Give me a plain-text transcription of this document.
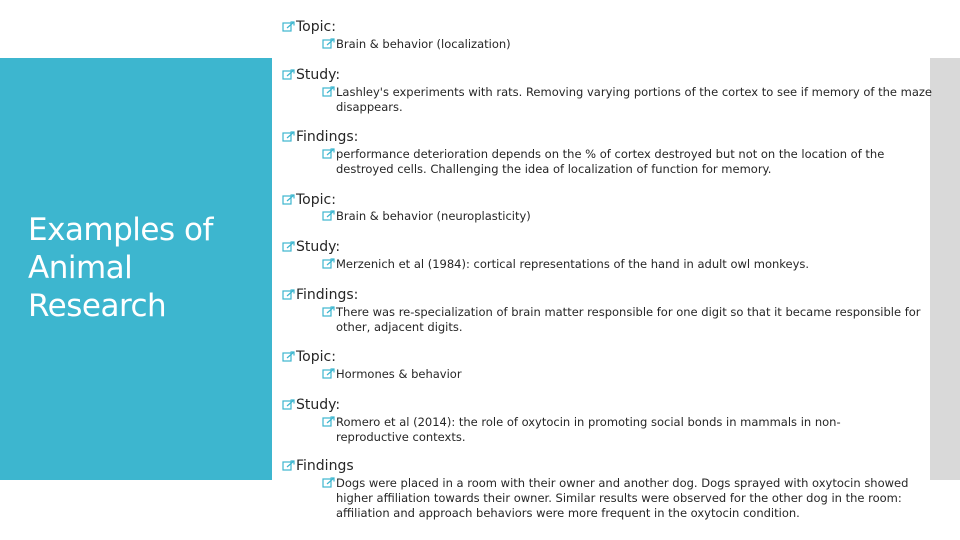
Examples of Animal Research
Topic:
Brain & behavior (localization)
Study:
Lashley's experiments with rats. Removing varying portions of the cortex to see if memory of the maze disappears.
Findings:
performance deterioration depends on the % of cortex destroyed but not on the location of the destroyed cells. Challenging the idea of localization of function for memory.
Topic:
Brain & behavior (neuroplasticity)
Study:
Merzenich et al (1984): cortical representations of the hand in adult owl monkeys.
Findings:
There was re-specialization of brain matter responsible for one digit so that it became responsible for other, adjacent digits.
Topic:
Hormones & behavior
Study:
Romero et al (2014): the role of oxytocin in promoting social bonds in mammals in non-reproductive contexts.
Findings
Dogs were placed in a room with their owner and another dog. Dogs sprayed with oxytocin showed higher affiliation towards their owner. Similar results were observed for the other dog in the room: affiliation and approach behaviors were more frequent in the oxytocin condition.
